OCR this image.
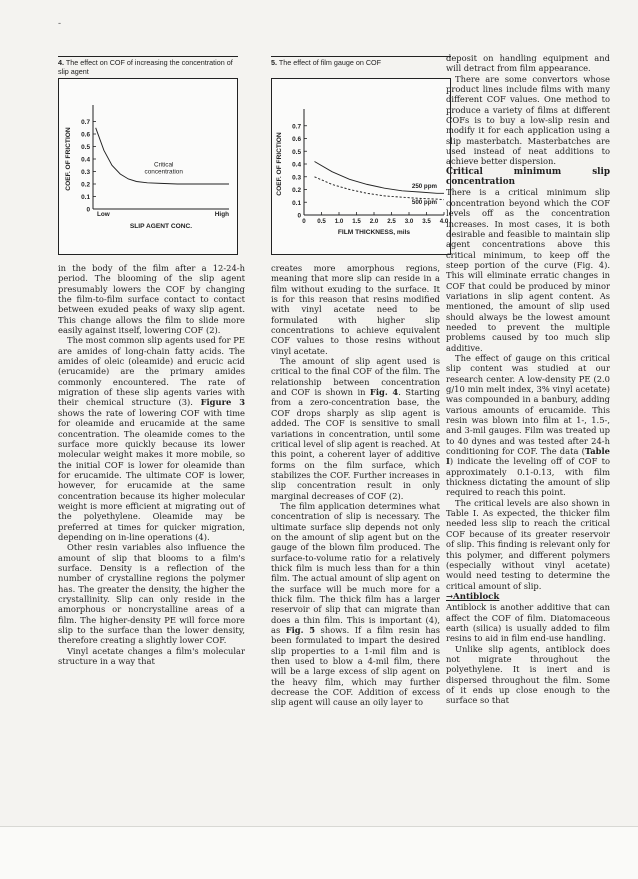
-
4. The effect on COF of increasing the concentration of slip agent
0
0.1
0.2
0.3
0.4
0.5
0.6
0.7
COEF. OF FRICTION
Low	High
SLIP AGENT CONC.
Critical concentration
5. The effect of film gauge on COF
0
0.1
0.2
0.3
0.4
0.5
0.6
0.7
COEF. OF FRICTION
0 0.5 1.0 1.5 2.0 2.5 3.0 3.5 4.0
FILM THICKNESS, mils
250 ppm
500 ppm

in the body of the film after a 12-24-h period. The blooming of the slip agent presumably lowers the COF by changing the film-to-film surface contact to contact between exuded peaks of waxy slip agent. This change allows the film to slide more easily against itself, lowering COF (2).

The most common slip agents used for PE are amides of long-chain fatty acids. The amides of oleic (oleamide) and erucic acid (erucamide) are the primary amides commonly encountered. The rate of migration of these slip agents varies with their chemical structure (3). Figure 3 shows the rate of lowering COF with time for oleamide and erucamide at the same concentration. The oleamide comes to the surface more quickly because its lower molecular weight makes it more mobile, so the initial COF is lower for oleamide than for erucamide. The ultimate COF is lower, however, for erucamide at the same concentration because its higher molecular weight is more efficient at migrating out of the polyethylene. Oleamide may be preferred at times for quicker migration, depending on in-line operations (4).

Other resin variables also influence the amount of slip that blooms to a film's surface. Density is a reflection of the number of crystalline regions the polymer has. The greater the density, the higher the crystallinity. Slip can only reside in the amorphous or noncrystalline areas of a film. The higher-density PE will force more slip to the surface than the lower density, therefore creating a slightly lower COF.

Vinyl acetate changes a film's molecular structure in a way that

creates more amorphous regions, meaning that more slip can reside in a film without exuding to the surface. It is for this reason that resins modified with vinyl acetate need to be formulated with higher slip concentrations to achieve equivalent COF values to those resins without vinyl acetate.

The amount of slip agent used is critical to the final COF of the film. The relationship between concentration and COF is shown in Fig. 4. Starting from a zero-concentration base, the COF drops sharply as slip agent is added. The COF is sensitive to small variations in concentration, until some critical level of slip agent is reached. At this point, a coherent layer of additive forms on the film surface, which stabilizes the COF. Further increases in slip concentration result in only marginal decreases of COF (2).

The film application determines what concentration of slip is necessary. The ultimate surface slip depends not only on the amount of slip agent but on the gauge of the blown film produced. The surface-to-volume ratio for a relatively thick film is much less than for a thin film. The actual amount of slip agent on the surface will be much more for a thick film. The thick film has a larger reservoir of slip that can migrate than does a thin film. This is important (4), as Fig. 5 shows. If a film resin has been formulated to impart the desired slip properties to a 1-mil film and is then used to blow a 4-mil film, there will be a large excess of slip agent on the heavy film, which may further decrease the COF. Addition of excess slip agent will cause an oily layer to

deposit on handling equipment and will detract from film appearance.

There are some convertors whose product lines include films with many different COF values. One method to produce a variety of films at different COFs is to buy a low-slip resin and modify it for each application using a slip masterbatch. Masterbatches are used instead of neat additions to achieve better dispersion.

Critical minimum slip concentration

There is a critical minimum slip concentration beyond which the COF levels off as the concentration increases. In most cases, it is both desirable and feasible to maintain slip agent concentrations above this critical minimum, to keep off the steep portion of the curve (Fig. 4). This will eliminate erratic changes in COF that could be produced by minor variations in slip agent content. As mentioned, the amount of slip used should always be the lowest amount needed to prevent the multiple problems caused by too much slip additive.

The effect of gauge on this critical slip content was studied at our research center. A low-density PE (2.0 g/10 min melt index, 3% vinyl acetate) was compounded in a banbury, adding various amounts of erucamide. This resin was blown into film at 1-, 1.5-, and 3-mil gauges. Film was treated up to 40 dynes and was tested after 24-h conditioning for COF. The data (Table I) indicate the leveling off of COF to approximately 0.1-0.13, with film thickness dictating the amount of slip required to reach this point.

The critical levels are also shown in Table I. As expected, the thicker film needed less slip to reach the critical COF because of its greater reservoir of slip. This finding is relevant only for this polymer, and different polymers (especially without vinyl acetate) would need testing to determine the critical amount of slip.

→Antiblock

Antiblock is another additive that can affect the COF of film. Diatomaceous earth (silica) is usually added to film resins to aid in film end-use handling.

Unlike slip agents, antiblock does not migrate throughout the polyethylene. It is inert and is dispersed throughout the film. Some of it ends up close enough to the surface so that
